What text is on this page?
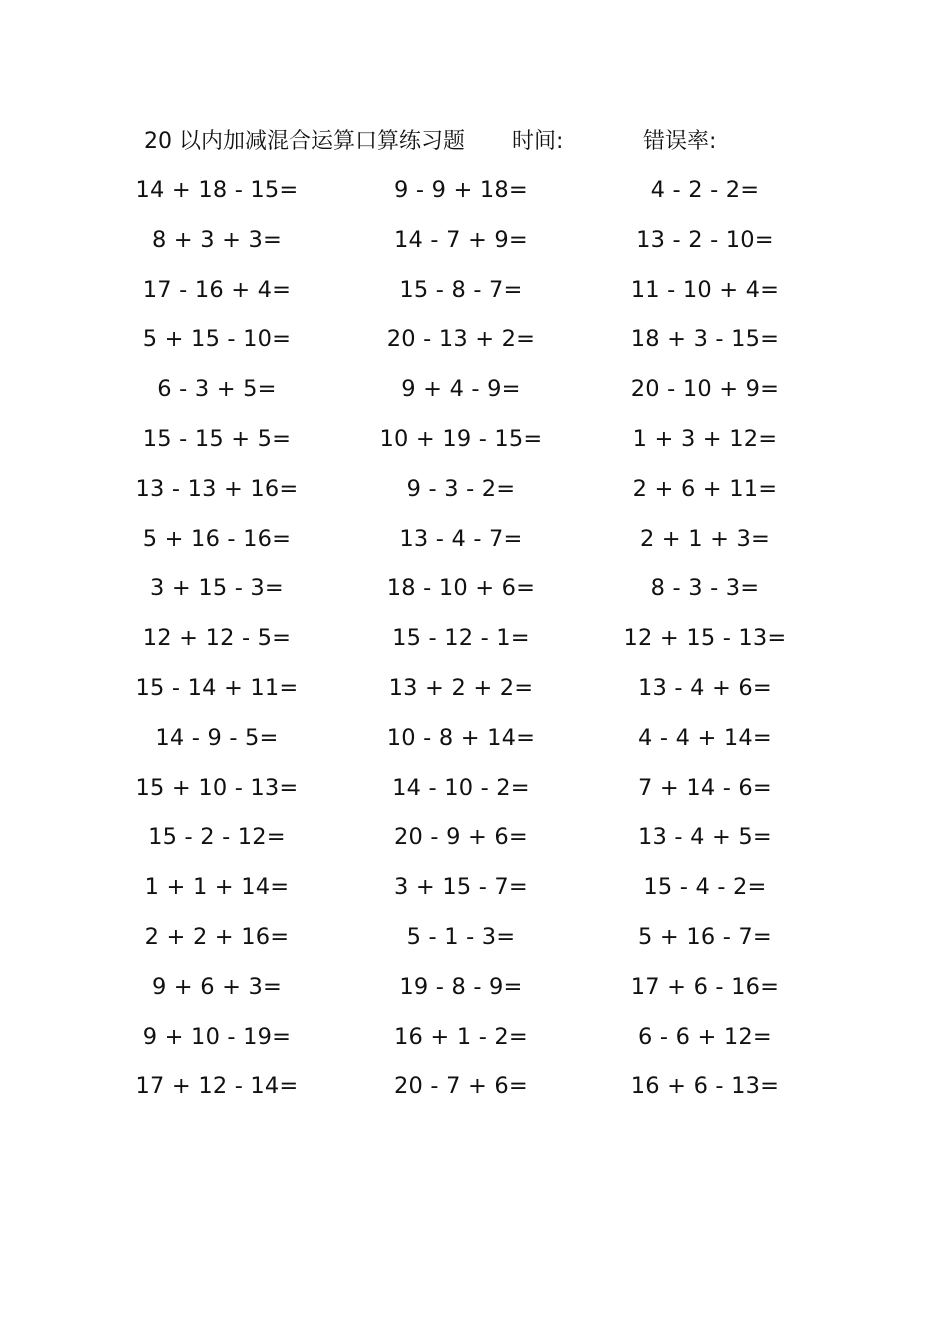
20 以内加减混合运算口算练习题 时间:	错误率:
14 + 18 - 15=	9 - 9 + 18=	4 - 2 - 2=
8 + 3 + 3=	14 - 7 + 9=	13 - 2 - 10=
17 - 16 + 4=	15 - 8 - 7=	11 - 10 + 4=
5 + 15 - 10=	20 - 13 + 2=	18 + 3 - 15=
6 - 3 + 5=	9 + 4 - 9=	20 - 10 + 9=
15 - 15 + 5=	10 + 19 - 15=	1 + 3 + 12=
13 - 13 + 16=	9 - 3 - 2=	2 + 6 + 11=
5 + 16 - 16=	13 - 4 - 7=	2 + 1 + 3=
3 + 15 - 3=	18 - 10 + 6=	8 - 3 - 3=
12 + 12 - 5=	15 - 12 - 1=	12 + 15 - 13=
15 - 14 + 11=	13 + 2 + 2=	13 - 4 + 6=
14 - 9 - 5=	10 - 8 + 14=	4 - 4 + 14=
15 + 10 - 13=	14 - 10 - 2=	7 + 14 - 6=
15 - 2 - 12=	20 - 9 + 6=	13 - 4 + 5=
1 + 1 + 14=	3 + 15 - 7=	15 - 4 - 2=
2 + 2 + 16=	5 - 1 - 3=	5 + 16 - 7=
9 + 6 + 3=	19 - 8 - 9=	17 + 6 - 16=
9 + 10 - 19=	16 + 1 - 2=	6 - 6 + 12=
17 + 12 - 14=	20 - 7 + 6=	16 + 6 - 13=
